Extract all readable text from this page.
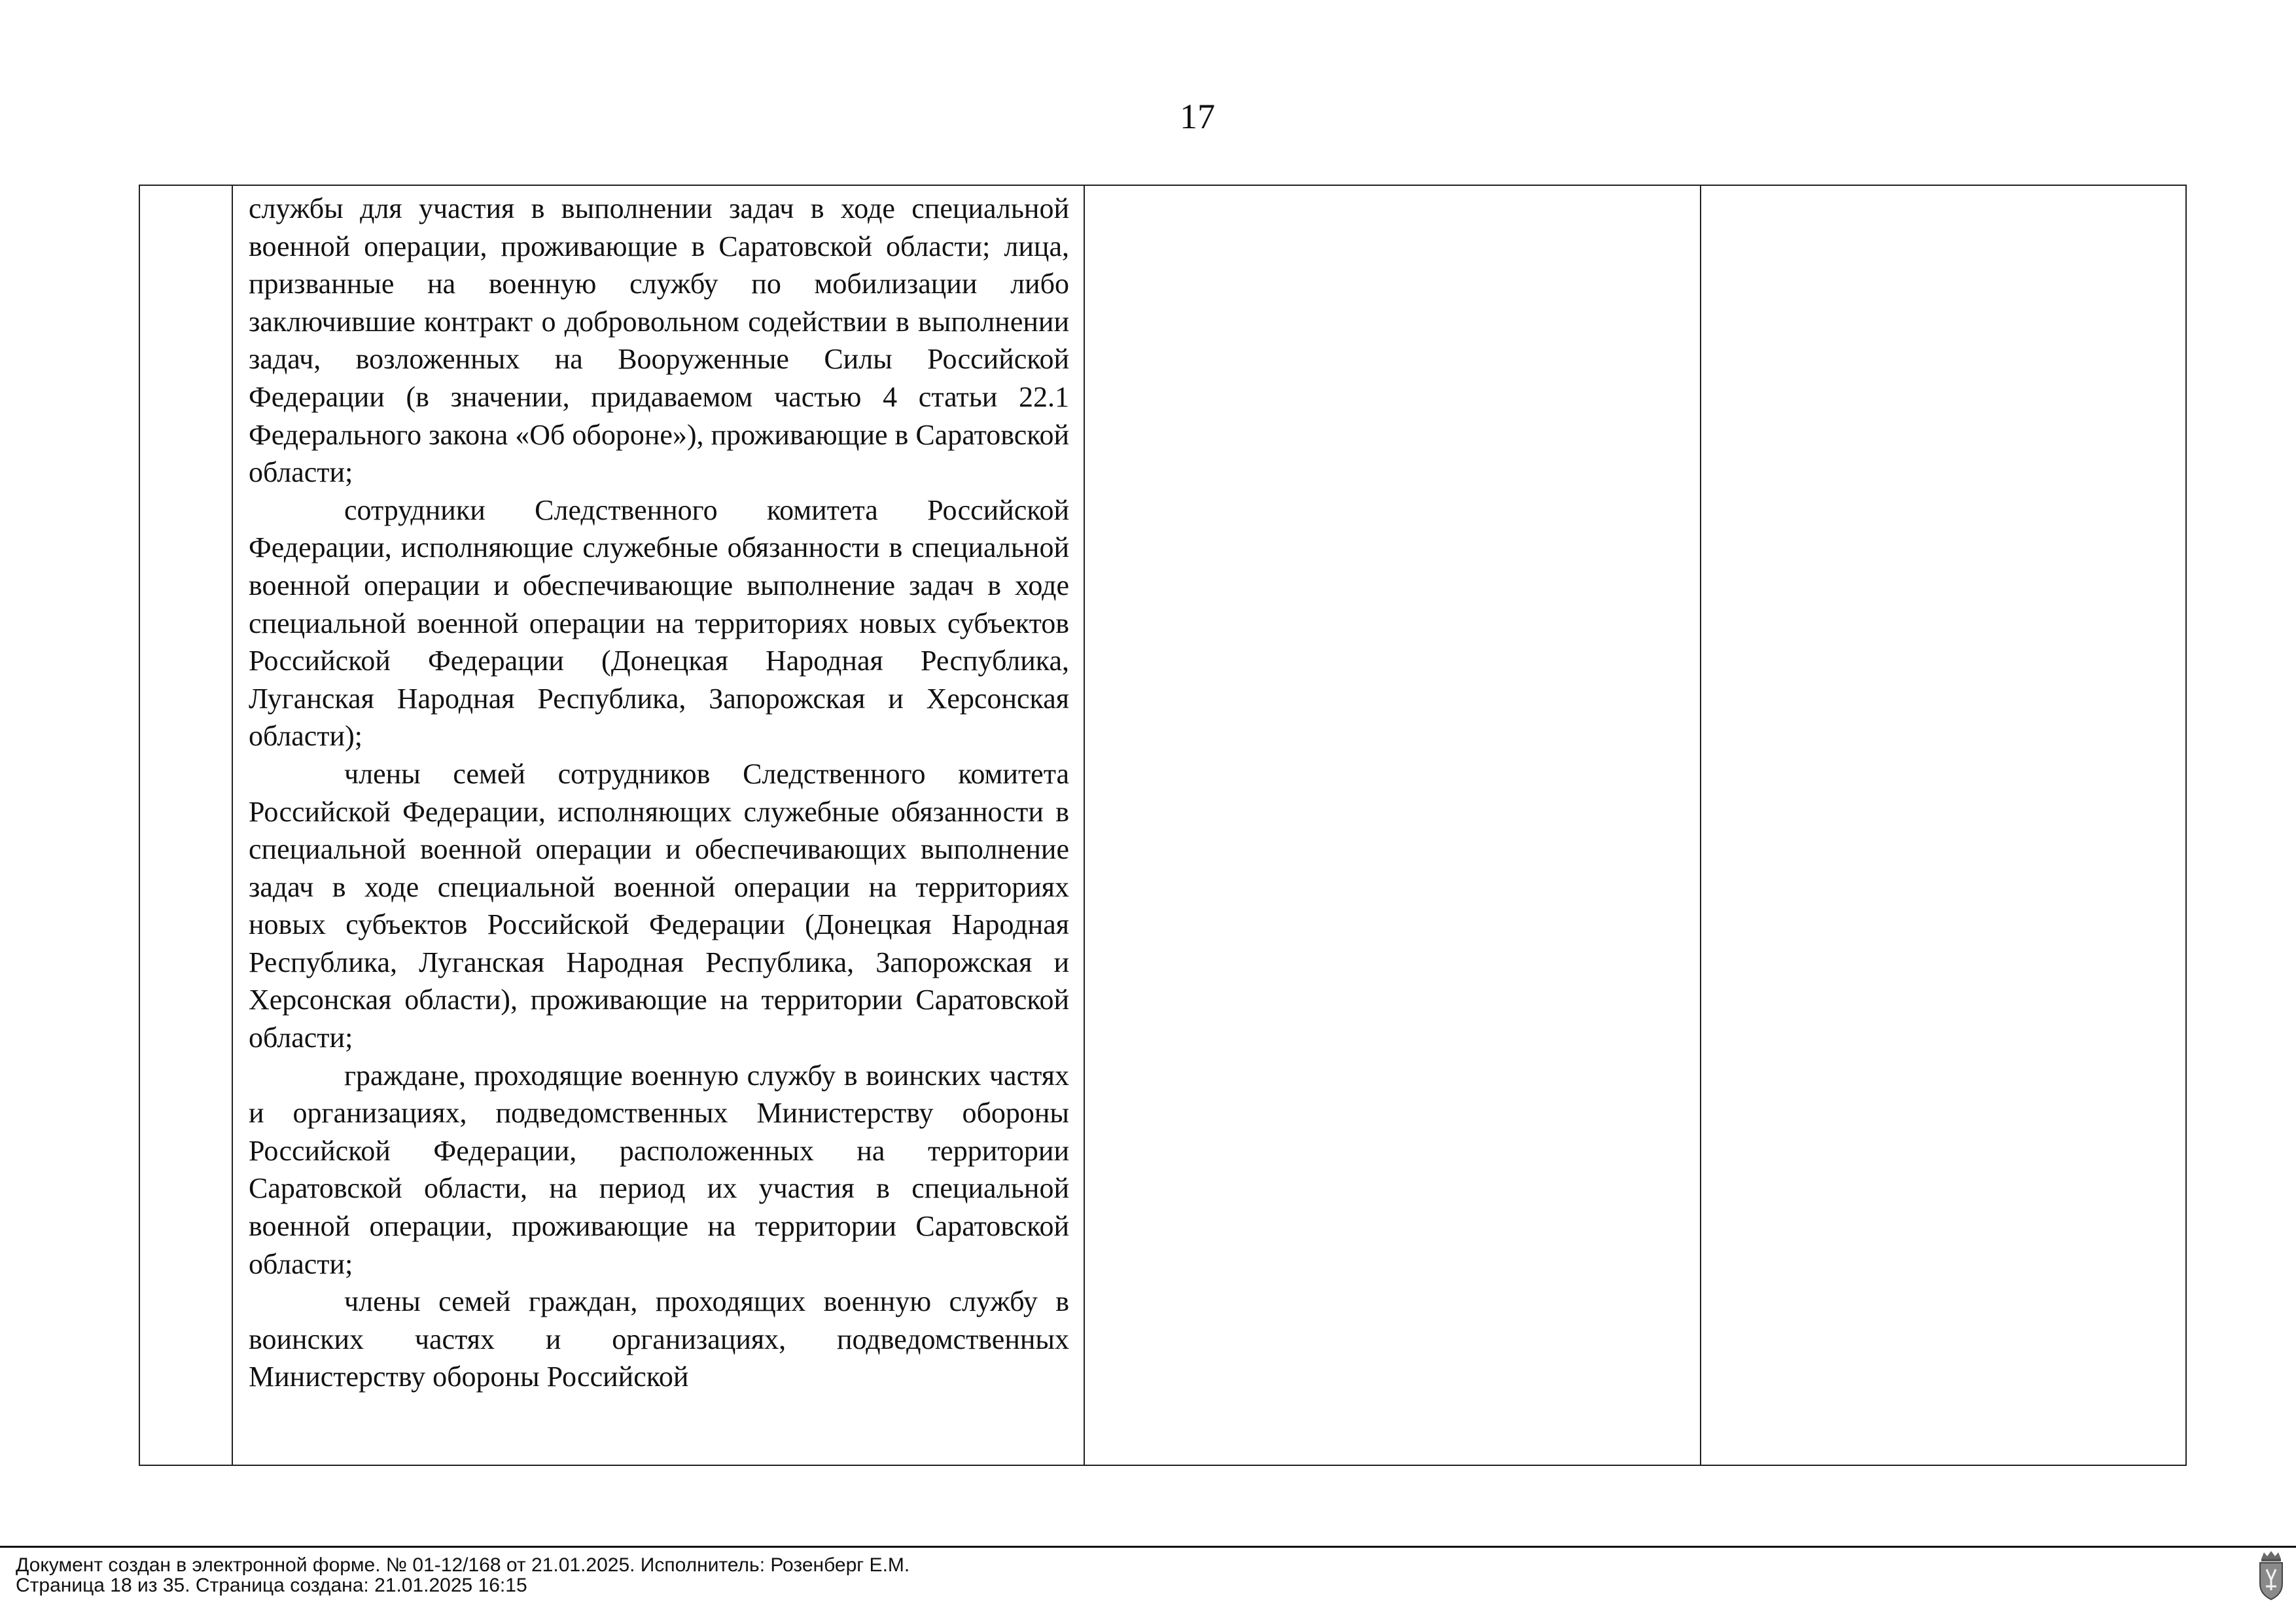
17

службы для участия в выполнении задач в ходе специальной военной операции, проживающие в Саратовской области; лица, призванные на военную службу по мобилизации либо заключившие контракт о добровольном содействии в выполнении задач, возложенных на Вооруженные Силы Российской Федерации (в значении, придаваемом частью 4 статьи 22.1 Федерального закона «Об обороне»), проживающие в Саратовской области;

сотрудники Следственного комитета Российской Федерации, исполняющие служебные обязанности в специальной военной операции и обеспечивающие выполнение задач в ходе специальной военной операции на территориях новых субъектов Российской Федерации (Донецкая Народная Республика, Луганская Народная Республика, Запорожская и Херсонская области);

члены семей сотрудников Следственного комитета Российской Федерации, исполняющих служебные обязанности в специальной военной операции и обеспечивающих выполнение задач в ходе специальной военной операции на территориях новых субъектов Российской Федерации (Донецкая Народная Республика, Луганская Народная Республика, Запорожская и Херсонская области), проживающие на территории Саратовской области;

граждане, проходящие военную службу в воинских частях и организациях, подведомственных Министерству обороны Российской Федерации, расположенных на территории Саратовской области, на период их участия в специальной военной операции, проживающие на территории Саратовской области;

члены семей граждан, проходящих военную службу в воинских частях и организациях, подведомственных Министерству обороны Российской

Документ создан в электронной форме. № 01-12/168 от 21.01.2025. Исполнитель: Розенберг Е.М.
Страница 18 из 35. Страница создана: 21.01.2025 16:15
